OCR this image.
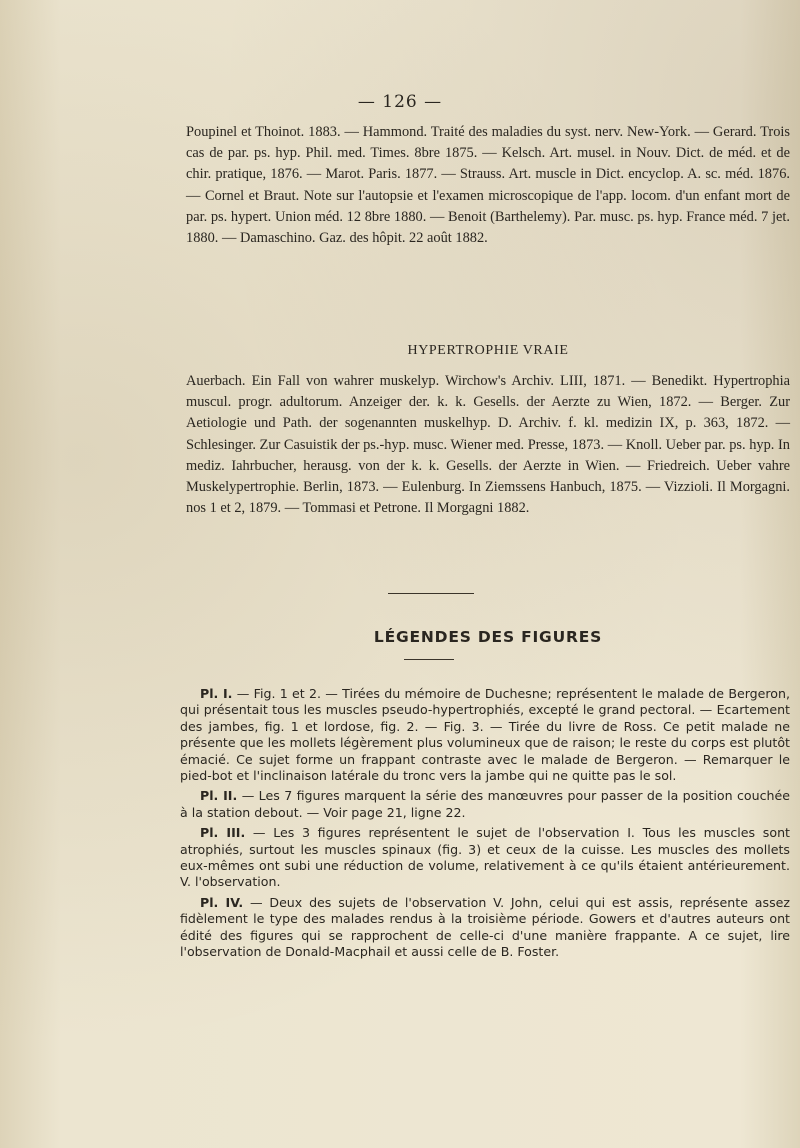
— 126 —

Poupinel et Thoinot. 1883. — Hammond. Traité des maladies du syst. nerv. New-York. — Gerard. Trois cas de par. ps. hyp. Phil. med. Times. 8bre 1875. — Kelsch. Art. musel. in Nouv. Dict. de méd. et de chir. pratique, 1876. — Marot. Paris. 1877. — Strauss. Art. muscle in Dict. encyclop. A. sc. méd. 1876. — Cornel et Braut. Note sur l'autopsie et l'examen microscopique de l'app. locom. d'un enfant mort de par. ps. hypert. Union méd. 12 8bre 1880. — Benoit (Barthelemy). Par. musc. ps. hyp. France méd. 7 jet. 1880. — Damaschino. Gaz. des hôpit. 22 août 1882.

HYPERTROPHIE VRAIE

Auerbach. Ein Fall von wahrer muskelyp. Wirchow's Archiv. LIII, 1871. — Benedikt. Hypertrophia muscul. progr. adultorum. Anzeiger der. k. k. Gesells. der Aerzte zu Wien, 1872. — Berger. Zur Aetiologie und Path. der sogenannten muskelhyp. D. Archiv. f. kl. medizin IX, p. 363, 1872. — Schlesinger. Zur Casuistik der ps.-hyp. musc. Wiener med. Presse, 1873. — Knoll. Ueber par. ps. hyp. In mediz. Iahrbucher, herausg. von der k. k. Gesells. der Aerzte in Wien. — Friedreich. Ueber vahre Muskelypertrophie. Berlin, 1873. — Eulenburg. In Ziemssens Hanbuch, 1875. — Vizzioli. Il Morgagni. nos 1 et 2, 1879. — Tommasi et Petrone. Il Morgagni 1882.

LÉGENDES DES FIGURES

Pl. I. — Fig. 1 et 2. — Tirées du mémoire de Duchesne; représentent le malade de Bergeron, qui présentait tous les muscles pseudo-hypertrophiés, excepté le grand pectoral. — Ecartement des jambes, fig. 1 et lordose, fig. 2. — Fig. 3. — Tirée du livre de Ross. Ce petit malade ne présente que les mollets légèrement plus volumineux que de raison; le reste du corps est plutôt émacié. Ce sujet forme un frappant contraste avec le malade de Bergeron. — Remarquer le pied-bot et l'inclinaison latérale du tronc vers la jambe qui ne quitte pas le sol.

Pl. II. — Les 7 figures marquent la série des manœuvres pour passer de la position couchée à la station debout. — Voir page 21, ligne 22.

Pl. III. — Les 3 figures représentent le sujet de l'observation I. Tous les muscles sont atrophiés, surtout les muscles spinaux (fig. 3) et ceux de la cuisse. Les muscles des mollets eux-mêmes ont subi une réduction de volume, relativement à ce qu'ils étaient antérieurement. V. l'observation.

Pl. IV. — Deux des sujets de l'observation V. John, celui qui est assis, représente assez fidèlement le type des malades rendus à la troisième période. Gowers et d'autres auteurs ont édité des figures qui se rapprochent de celle-ci d'une manière frappante. A ce sujet, lire l'observation de Donald-Macphail et aussi celle de B. Foster.
